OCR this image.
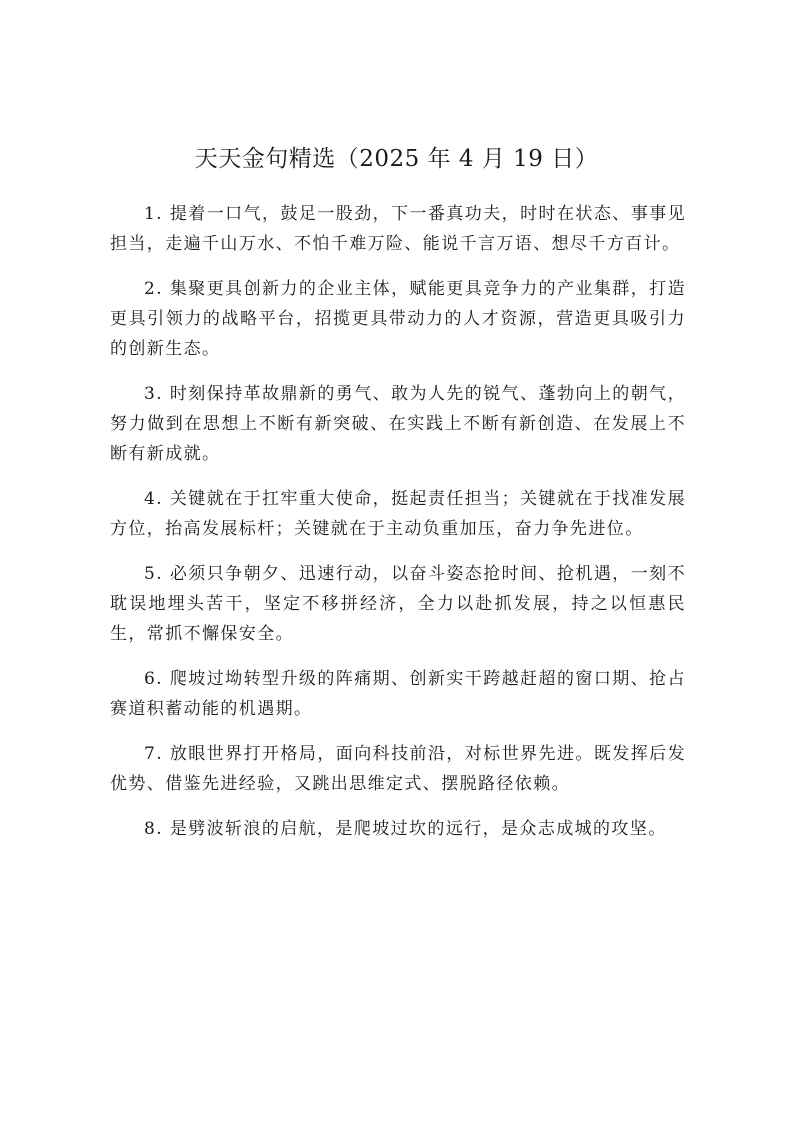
天天金句精选（2025 年 4 月 19 日）

1. 提着一口气，鼓足一股劲，下一番真功夫，时时在状态、事事见担当，走遍千山万水、不怕千难万险、能说千言万语、想尽千方百计。

2. 集聚更具创新力的企业主体，赋能更具竞争力的产业集群，打造更具引领力的战略平台，招揽更具带动力的人才资源，营造更具吸引力的创新生态。

3. 时刻保持革故鼎新的勇气、敢为人先的锐气、蓬勃向上的朝气，努力做到在思想上不断有新突破、在实践上不断有新创造、在发展上不断有新成就。

4. 关键就在于扛牢重大使命，挺起责任担当；关键就在于找准发展方位，抬高发展标杆；关键就在于主动负重加压，奋力争先进位。

5. 必须只争朝夕、迅速行动，以奋斗姿态抢时间、抢机遇，一刻不耽误地埋头苦干，坚定不移拼经济，全力以赴抓发展，持之以恒惠民生，常抓不懈保安全。

6. 爬坡过坳转型升级的阵痛期、创新实干跨越赶超的窗口期、抢占赛道积蓄动能的机遇期。

7. 放眼世界打开格局，面向科技前沿，对标世界先进。既发挥后发优势、借鉴先进经验，又跳出思维定式、摆脱路径依赖。

8. 是劈波斩浪的启航，是爬坡过坎的远行，是众志成城的攻坚。
